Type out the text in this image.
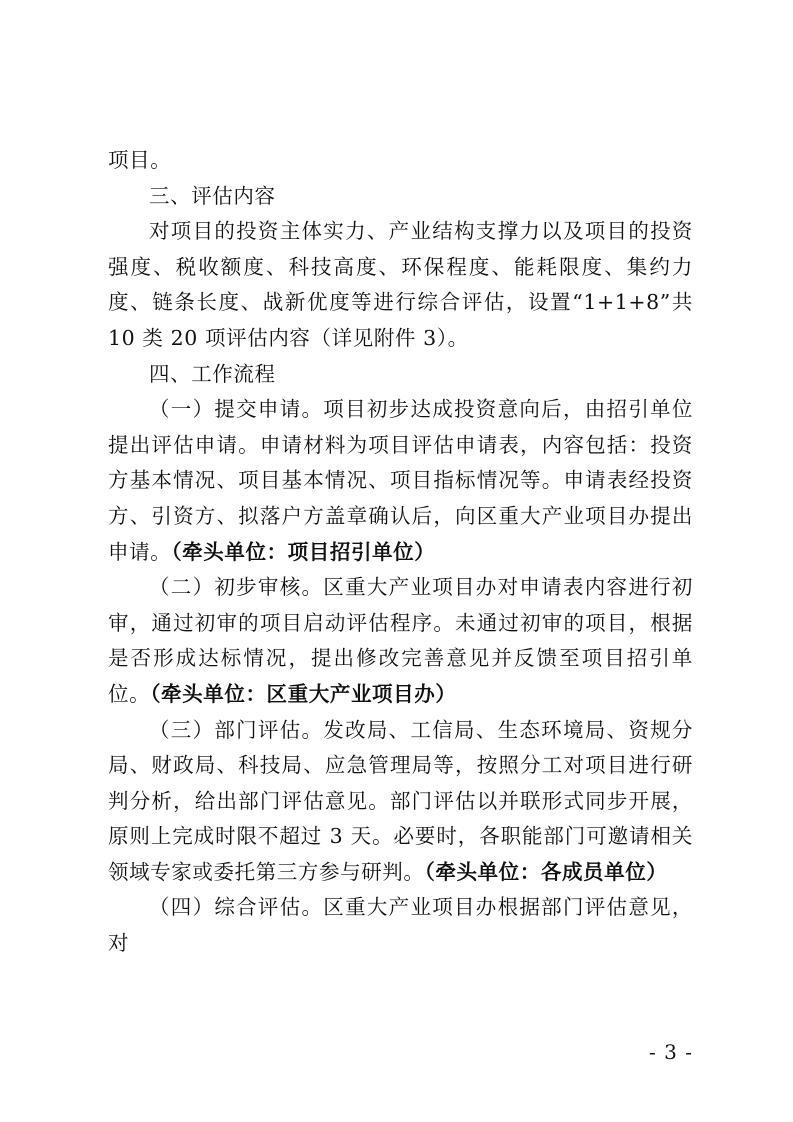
项目。

三、评估内容

对项目的投资主体实力、产业结构支撑力以及项目的投资强度、税收额度、科技高度、环保程度、能耗限度、集约力度、链条长度、战新优度等进行综合评估，设置“1+1+8”共 10 类 20 项评估内容（详见附件 3）。

四、工作流程

（一）提交申请。项目初步达成投资意向后，由招引单位提出评估申请。申请材料为项目评估申请表，内容包括：投资方基本情况、项目基本情况、项目指标情况等。申请表经投资方、引资方、拟落户方盖章确认后，向区重大产业项目办提出申请。（牵头单位：项目招引单位）

（二）初步审核。区重大产业项目办对申请表内容进行初审，通过初审的项目启动评估程序。未通过初审的项目，根据是否形成达标情况，提出修改完善意见并反馈至项目招引单位。（牵头单位：区重大产业项目办）

（三）部门评估。发改局、工信局、生态环境局、资规分局、财政局、科技局、应急管理局等，按照分工对项目进行研判分析，给出部门评估意见。部门评估以并联形式同步开展，原则上完成时限不超过 3 天。必要时，各职能部门可邀请相关领域专家或委托第三方参与研判。（牵头单位：各成员单位）

（四）综合评估。区重大产业项目办根据部门评估意见，对

- 3 -
